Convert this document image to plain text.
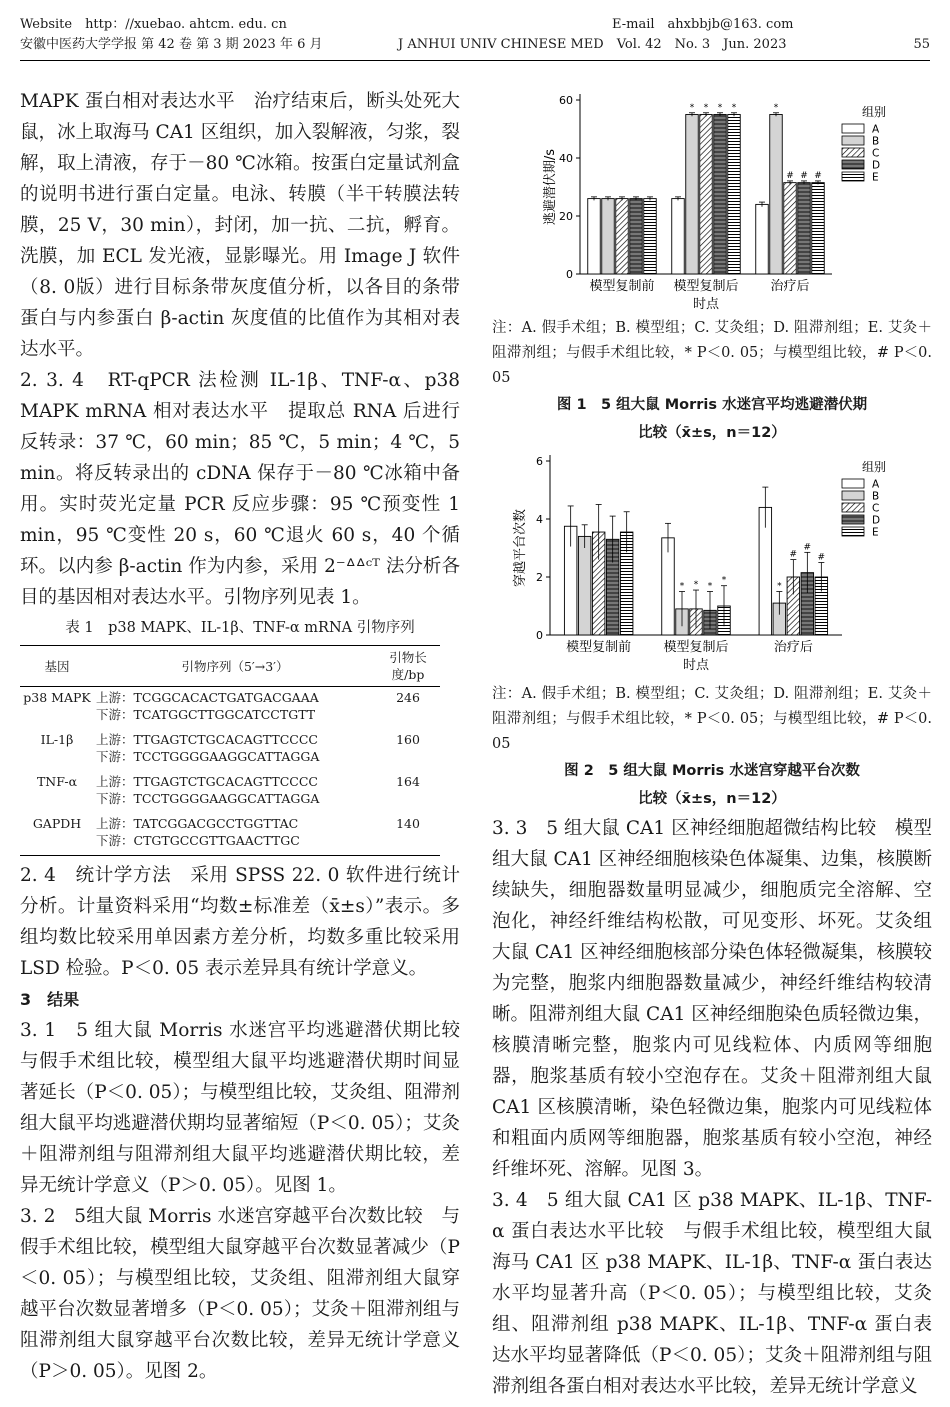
Website　http：//xuebao. ahtcm. edu. cn	E-mail　ahxbbjb@163. com
安徽中医药大学学报 第 42 卷 第 3 期 2023 年 6 月	J ANHUI UNIV CHINESE MED　Vol. 42　No. 3　Jun. 2023	55

MAPK 蛋白相对表达水平　治疗结束后，断头处死大鼠，冰上取海马 CA1 区组织，加入裂解液，匀浆，裂解，取上清液，存于－80 ℃冰箱。按蛋白定量试剂盒的说明书进行蛋白定量。电泳、转膜（半干转膜法转膜，25 V，30 min），封闭，加一抗、二抗，孵育。洗膜，加 ECL 发光液，显影曝光。用 Image J 软件（8. 0版）进行目标条带灰度值分析，以各目的条带蛋白与内参蛋白 β-actin 灰度值的比值作为其相对表达水平。

2. 3. 4　RT-qPCR 法检测 IL-1β、TNF-α、p38 MAPK mRNA 相对表达水平　提取总 RNA 后进行反转录：37 ℃，60 min；85 ℃，5 min；4 ℃，5 min。将反转录出的 cDNA 保存于－80 ℃冰箱中备用。实时荧光定量 PCR 反应步骤：95 ℃预变性 1 min，95 ℃变性 20 s，60 ℃退火 60 s，40 个循环。以内参 β-actin 作为内参，采用 2⁻ᐞᐞᶜᵀ 法分析各目的基因相对表达水平。引物序列见表 1。

表 1　p38 MAPK、IL-1β、TNF-α mRNA 引物序列
基因	引物序列（5′→3′）	引物长度/bp
p38 MAPK	上游：TCGGCACACTGATGACGAAA
下游：TCATGGCTTGGCATCCTGTT	246
IL-1β	上游：TTGAGTCTGCACAGTTCCCC
下游：TCCTGGGGAAGGCATTAGGA	160
TNF-α	上游：TTGAGTCTGCACAGTTCCCC
下游：TCCTGGGGAAGGCATTAGGA	164
GAPDH	上游：TATCGGACGCCTGGTTAC
下游：CTGTGCCGTTGAACTTGC	140

2. 4　统计学方法　采用 SPSS 22. 0 软件进行统计分析。计量资料采用“均数±标准差（x̄±s）”表示。多组均数比较采用单因素方差分析，均数多重比较采用 LSD 检验。P＜0. 05 表示差异具有统计学意义。

3　结果

3. 1　5 组大鼠 Morris 水迷宫平均逃避潜伏期比较　与假手术组比较，模型组大鼠平均逃避潜伏期时间显著延长（P＜0. 05）；与模型组比较，艾灸组、阻滞剂组大鼠平均逃避潜伏期均显著缩短（P＜0. 05）；艾灸＋阻滞剂组与阻滞剂组大鼠平均逃避潜伏期比较，差异无统计学意义（P＞0. 05）。见图 1。

3. 2　5组大鼠 Morris 水迷宫穿越平台次数比较　与假手术组比较，模型组大鼠穿越平台次数显著减少（P＜0. 05）；与模型组比较，艾灸组、阻滞剂组大鼠穿越平台次数显著增多（P＜0. 05）；艾灸＋阻滞剂组与阻滞剂组大鼠穿越平台次数比较，差异无统计学意义（P＞0. 05）。见图 2。

0
20
40
60
逃避潜伏期/s
模型复制前
* * * *
模型复制后
*
# # #
治疗后
时点
组别
A
B
C
D
E
注：A. 假手术组；B. 模型组；C. 艾灸组；D. 阻滞剂组；E. 艾灸＋阻滞剂组；与假手术组比较，* P＜0. 05；与模型组比较，# P＜0. 05
图 1　5 组大鼠 Morris 水迷宫平均逃避潜伏期
比较（x̄±s，n＝12）
0
2
4
6
穿越平台次数
模型复制前
* * *
*
模型复制后
*
#
#
#
治疗后
时点
组别
A
B
C
D
E
注：A. 假手术组；B. 模型组；C. 艾灸组；D. 阻滞剂组；E. 艾灸＋阻滞剂组；与假手术组比较，* P＜0. 05；与模型组比较，# P＜0. 05
图 2　5 组大鼠 Morris 水迷宫穿越平台次数
比较（x̄±s，n＝12）

3. 3　5 组大鼠 CA1 区神经细胞超微结构比较　模型组大鼠 CA1 区神经细胞核染色体凝集、边集，核膜断续缺失，细胞器数量明显减少，细胞质完全溶解、空泡化，神经纤维结构松散，可见变形、坏死。艾灸组大鼠 CA1 区神经细胞核部分染色体轻微凝集，核膜较为完整，胞浆内细胞器数量减少，神经纤维结构较清晰。阻滞剂组大鼠 CA1 区神经细胞染色质轻微边集，核膜清晰完整，胞浆内可见线粒体、内质网等细胞器，胞浆基质有较小空泡存在。艾灸＋阻滞剂组大鼠 CA1 区核膜清晰，染色轻微边集，胞浆内可见线粒体和粗面内质网等细胞器，胞浆基质有较小空泡，神经纤维坏死、溶解。见图 3。

3. 4　5 组大鼠 CA1 区 p38 MAPK、IL-1β、TNF-α 蛋白表达水平比较　与假手术组比较，模型组大鼠海马 CA1 区 p38 MAPK、IL-1β、TNF-α 蛋白表达水平均显著升高（P＜0. 05）；与模型组比较，艾灸组、阻滞剂组 p38 MAPK、IL-1β、TNF-α 蛋白表达水平均显著降低（P＜0. 05）；艾灸＋阻滞剂组与阻滞剂组各蛋白相对表达水平比较，差异无统计学意义
